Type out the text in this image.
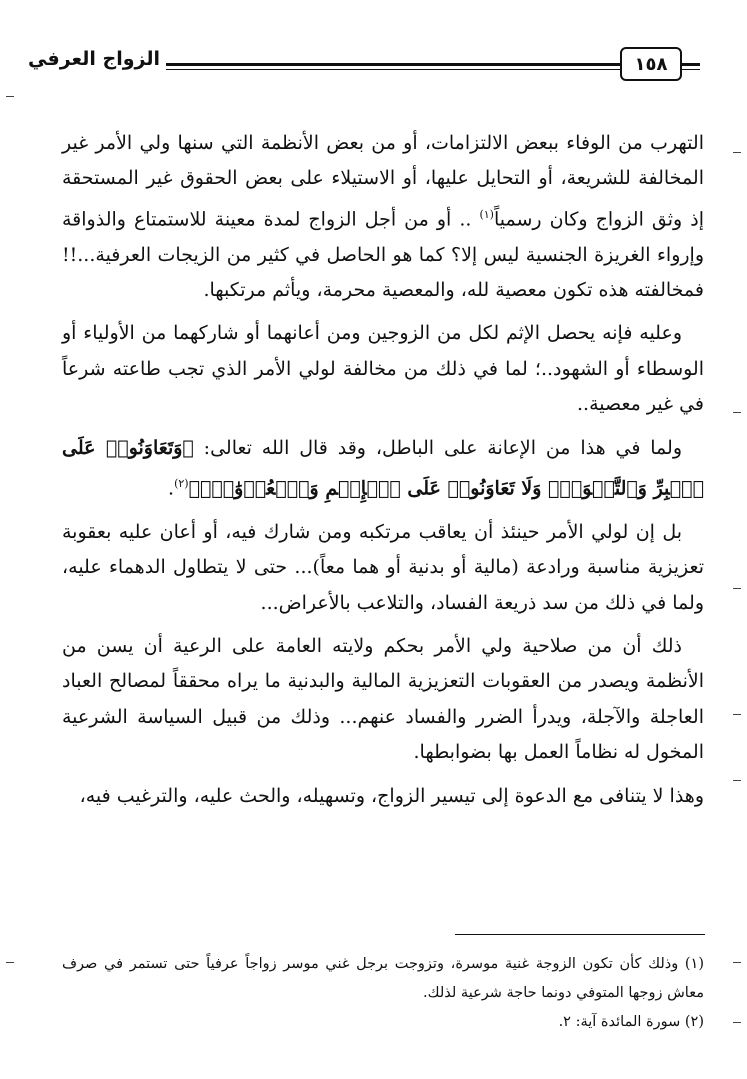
الزواج العرفي	١٥٨

التهرب من الوفاء ببعض الالتزامات، أو من بعض الأنظمة التي سنها ولي الأمر غير المخالفة للشريعة، أو التحايل عليها، أو الاستيلاء على بعض الحقوق غير المستحقة إذ وثق الزواج وكان رسمياً$^{(١)}$ .. أو من أجل الزواج لمدة معينة للاستمتاع والذواقة وإرواء الغريزة الجنسية ليس إلا؟ كما هو الحاصل في كثير من الزيجات العرفية...!! فمخالفته هذه تكون معصية لله، والمعصية محرمة، ويأثم مرتكبها.

وعليه فإنه يحصل الإثم لكل من الزوجين ومن أعانهما أو شاركهما من الأولياء أو الوسطاء أو الشهود..؛ لما في ذلك من مخالفة لولي الأمر الذي تجب طاعته شرعاً في غير معصية..

ولما في هذا من الإعانة على الباطل، وقد قال الله تعالى: ﴿وَتَعَاوَنُوا۟ عَلَى ٱلۡبِرِّ وَٱلتَّقۡوَىٰۖ وَلَا تَعَاوَنُوا۟ عَلَى ٱلۡإِثۡمِ وَٱلۡعُدۡوَٰنِۚ﴾$^{(٢)}$.

بل إن لولي الأمر حينئذ أن يعاقب مرتكبه ومن شارك فيه، أو أعان عليه بعقوبة تعزيزية مناسبة ورادعة (مالية أو بدنية أو هما معاً)... حتى لا يتطاول الدهماء عليه، ولما في ذلك من سد ذريعة الفساد، والتلاعب بالأعراض...

ذلك أن من صلاحية ولي الأمر بحكم ولايته العامة على الرعية أن يسن من الأنظمة ويصدر من العقوبات التعزيزية المالية والبدنية ما يراه محققاً لمصالح العباد العاجلة والآجلة، ويدرأ الضرر والفساد عنهم... وذلك من قبيل السياسة الشرعية المخول له نظاماً العمل بها بضوابطها.

وهذا لا يتنافى مع الدعوة إلى تيسير الزواج، وتسهيله، والحث عليه، والترغيب فيه،

(١) وذلك كأن تكون الزوجة غنية موسرة، وتزوجت برجل غني موسر زواجاً عرفياً حتى تستمر في صرف معاش زوجها المتوفي دونما حاجة شرعية لذلك.

(٢) سورة المائدة آية: ٢.
